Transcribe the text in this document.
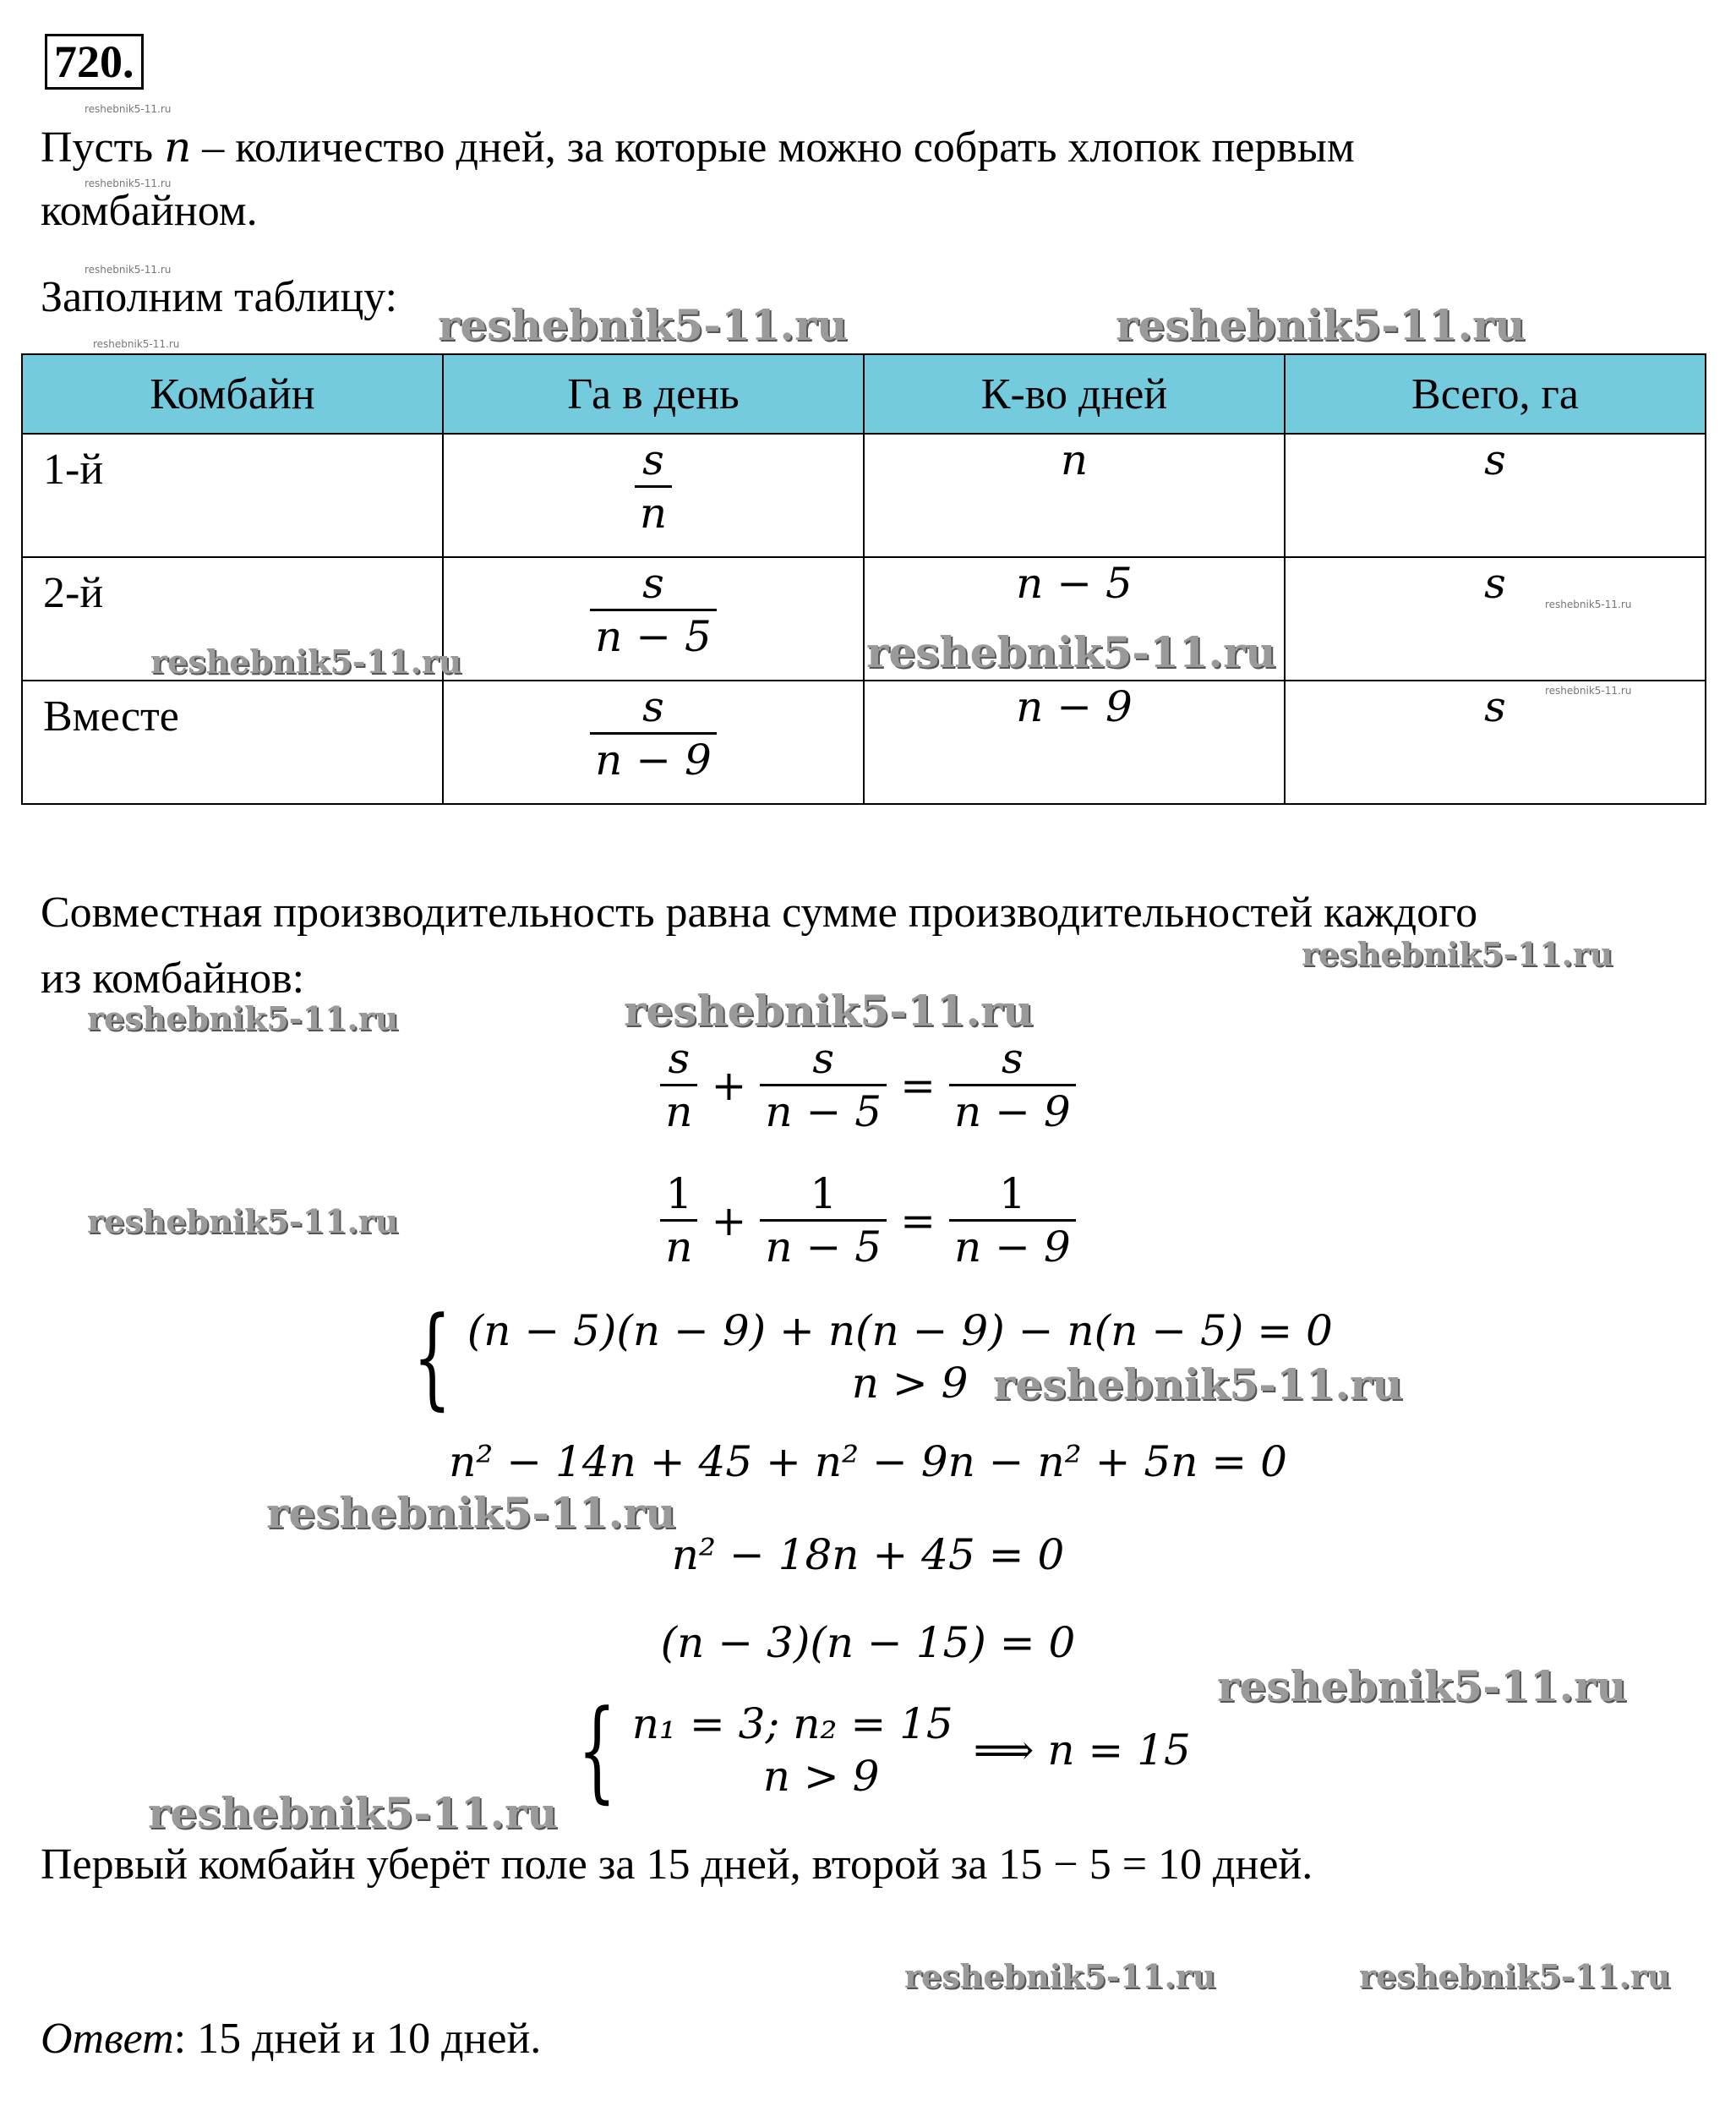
720.
Пусть n – количество дней, за которые можно собрать хлопок первым
комбайном.
Заполним таблицу:
Комбайн	Га в день	К-во дней	Всего, га

1-й	$\frac{s}{n}$	n	s

2-й	$\frac{s}{n - 5}$	n − 5	s

Вместе	$\frac{s}{n - 9}$	n − 9	s
Совместная производительность равна сумме производительностей каждого
из комбайнов:
$\frac{s}{n} + \frac{s}{n - 5} = \frac{s}{n - 9}$
$\frac{1}{n} + \frac{1}{n - 5} = \frac{1}{n - 9}$
{ (n − 5)(n − 9) + n(n − 9) − n(n − 5) = 0
n > 9
n² − 14n + 45 + n² − 9n − n² + 5n = 0
n² − 18n + 45 = 0
(n − 3)(n − 15) = 0
{ n₁ = 3; n₂ = 15
n > 9
⟹ n = 15
Первый комбайн уберёт поле за 15 дней, второй за 15 − 5 = 10 дней.
Ответ: 15 дней и 10 дней.
reshebnik5-11.ru	reshebnik5-11.ru
reshebnik5-11.ru	reshebnik5-11.ru
reshebnik5-11.ru
reshebnik5-11.ru	reshebnik5-11.ru
reshebnik5-11.ru
reshebnik5-11.ru
reshebnik5-11.ru
reshebnik5-11.ru
reshebnik5-11.ru
reshebnik5-11.ru	reshebnik5-11.ru
reshebnik5-11.ru
reshebnik5-11.ru
reshebnik5-11.ru
reshebnik5-11.ru
reshebnik5-11.ru
reshebnik5-11.ru
